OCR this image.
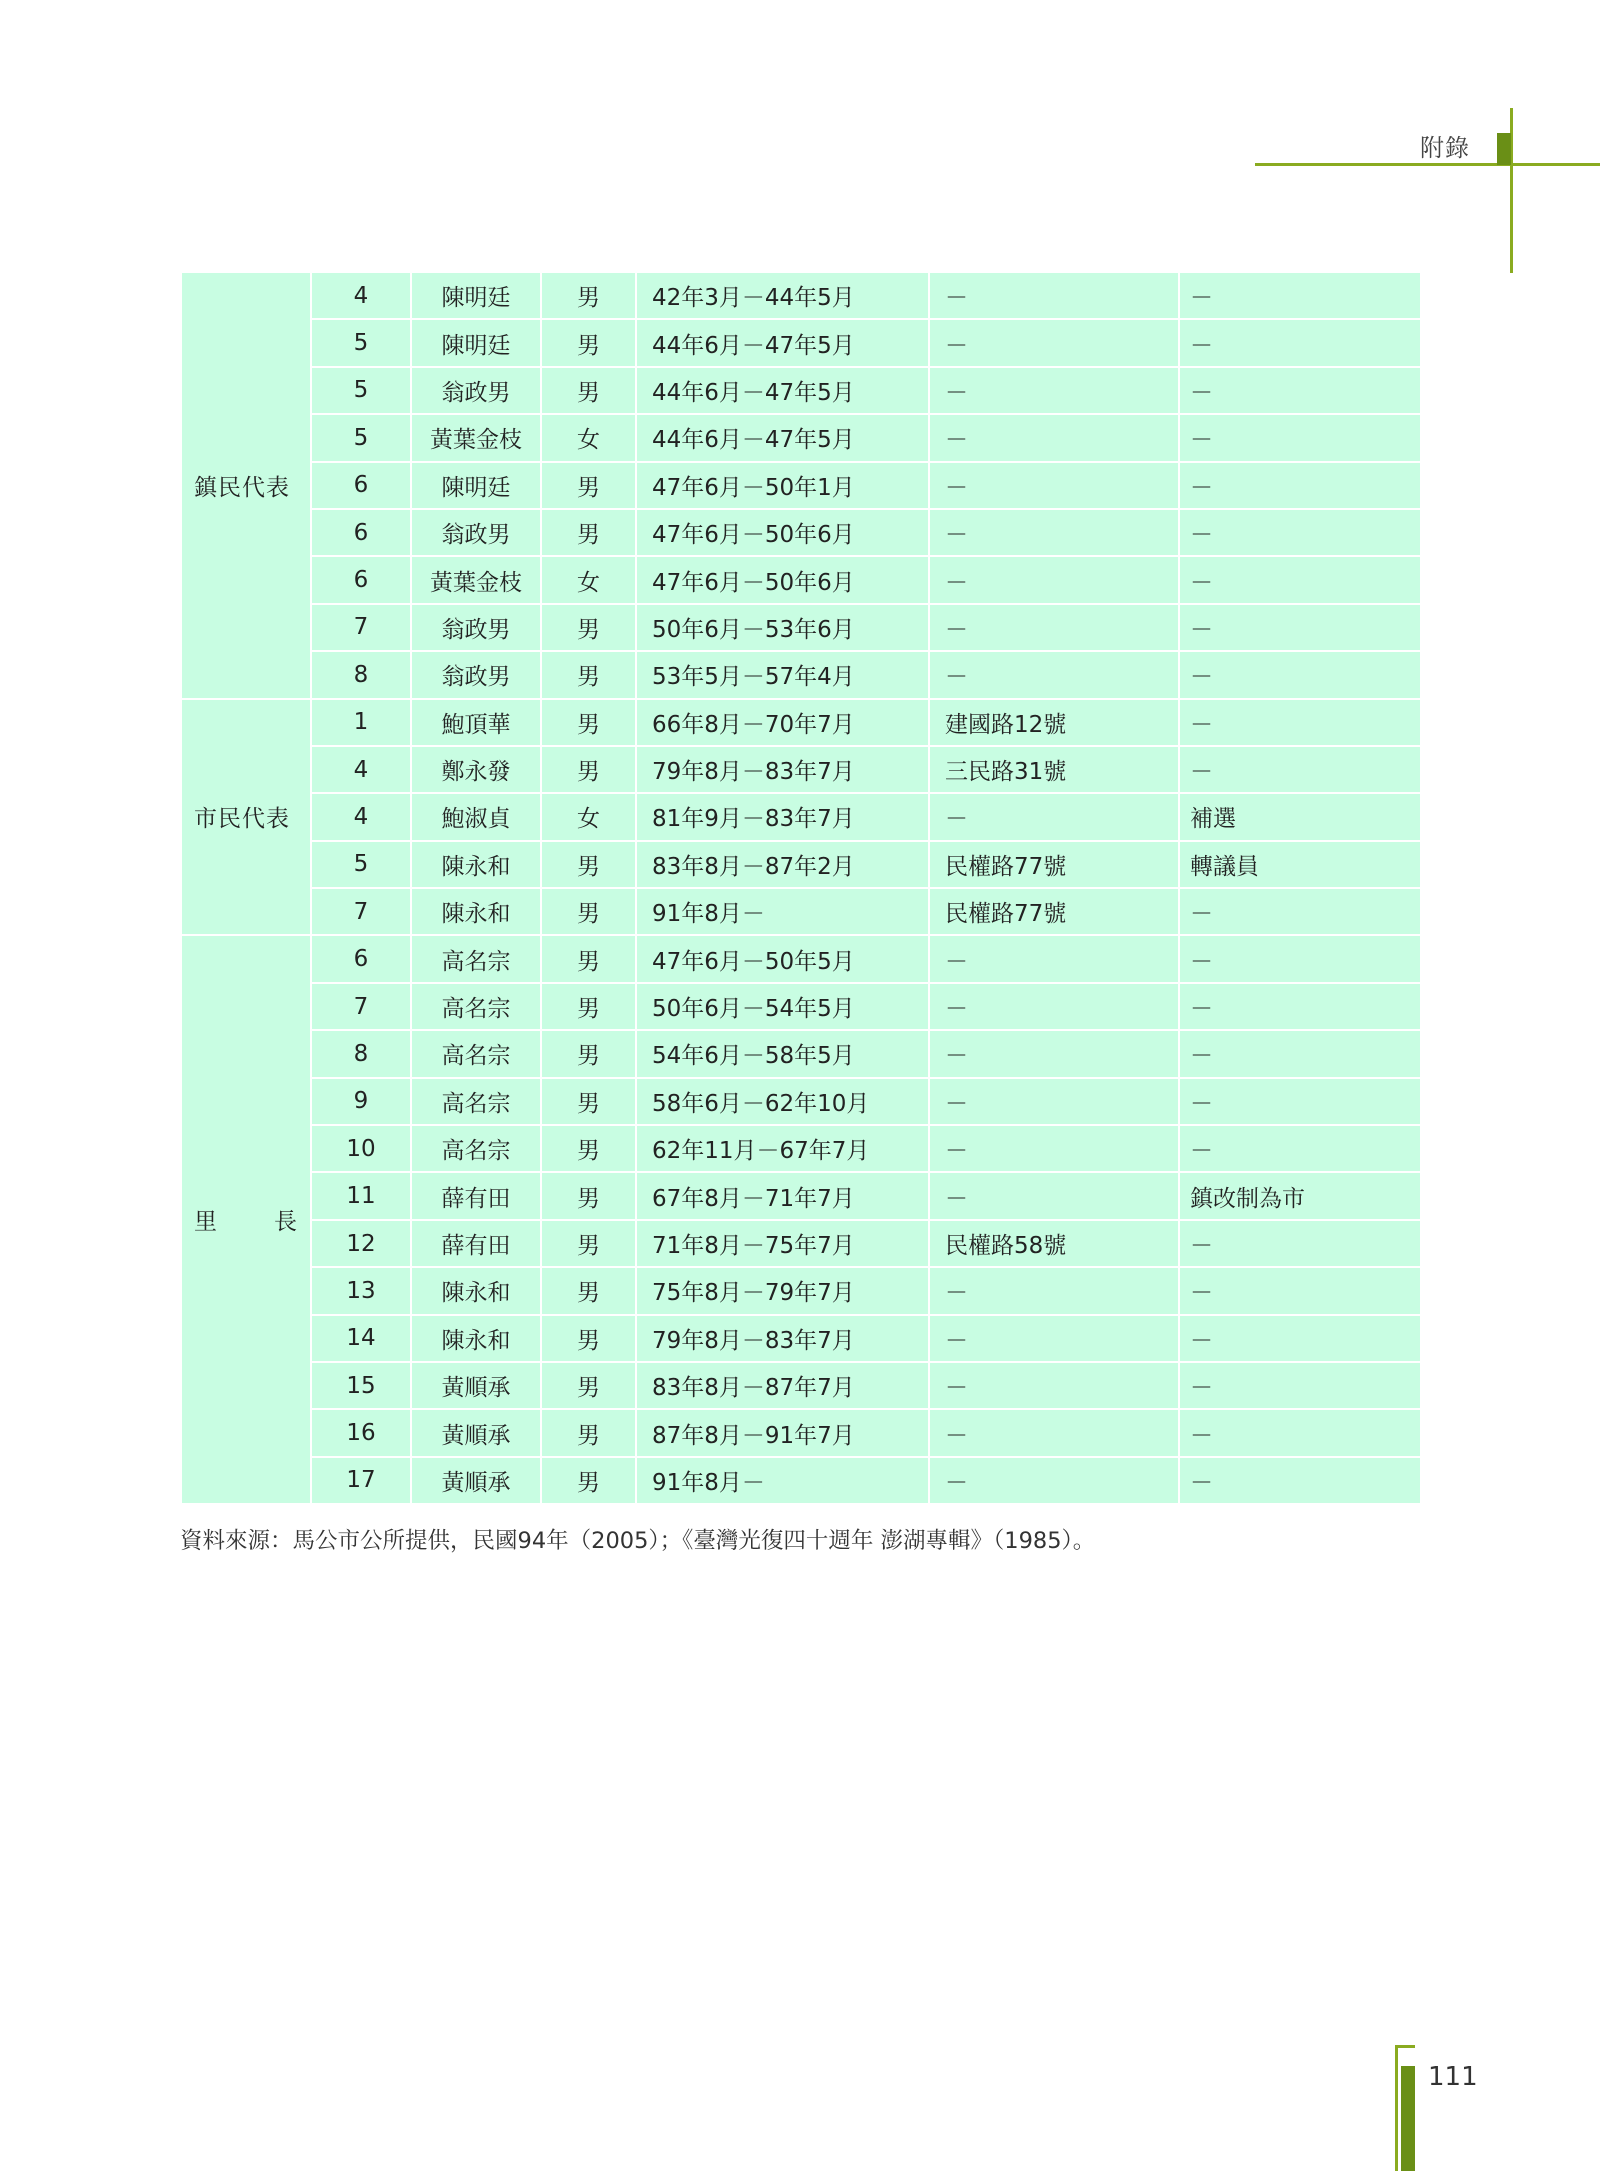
附錄
鎮民代表	4	陳明廷	男	42年3月－44年5月	－	－
	5	陳明廷	男	44年6月－47年5月	－	－
	5	翁政男	男	44年6月－47年5月	－	－
	5	黃葉金枝	女	44年6月－47年5月	－	－
	6	陳明廷	男	47年6月－50年1月	－	－
	6	翁政男	男	47年6月－50年6月	－	－
	6	黃葉金枝	女	47年6月－50年6月	－	－
	7	翁政男	男	50年6月－53年6月	－	－
	8	翁政男	男	53年5月－57年4月	－	－
市民代表	1	鮑頂華	男	66年8月－70年7月	建國路12號	－
	4	鄭永發	男	79年8月－83年7月	三民路31號	－
	4	鮑淑貞	女	81年9月－83年7月	－	補選
	5	陳永和	男	83年8月－87年2月	民權路77號	轉議員
	7	陳永和	男	91年8月－	民權路77號	－

里 長	6	高名宗	男	47年6月－50年5月	－	－
	7	高名宗	男	50年6月－54年5月	－	－
	8	高名宗	男	54年6月－58年5月	－	－
	9	高名宗	男	58年6月－62年10月	－	－
	10	高名宗	男	62年11月－67年7月	－	－
	11	薛有田	男	67年8月－71年7月	－	鎮改制為市
	12	薛有田	男	71年8月－75年7月	民權路58號	－
	13	陳永和	男	75年8月－79年7月	－	－
	14	陳永和	男	79年8月－83年7月	－	－
	15	黃順承	男	83年8月－87年7月	－	－
	16	黃順承	男	87年8月－91年7月	－	－
	17	黃順承	男	91年8月－	－	－
資料來源：馬公市公所提供，民國94年（2005）；《臺灣光復四十週年 澎湖專輯》（1985）。
111
